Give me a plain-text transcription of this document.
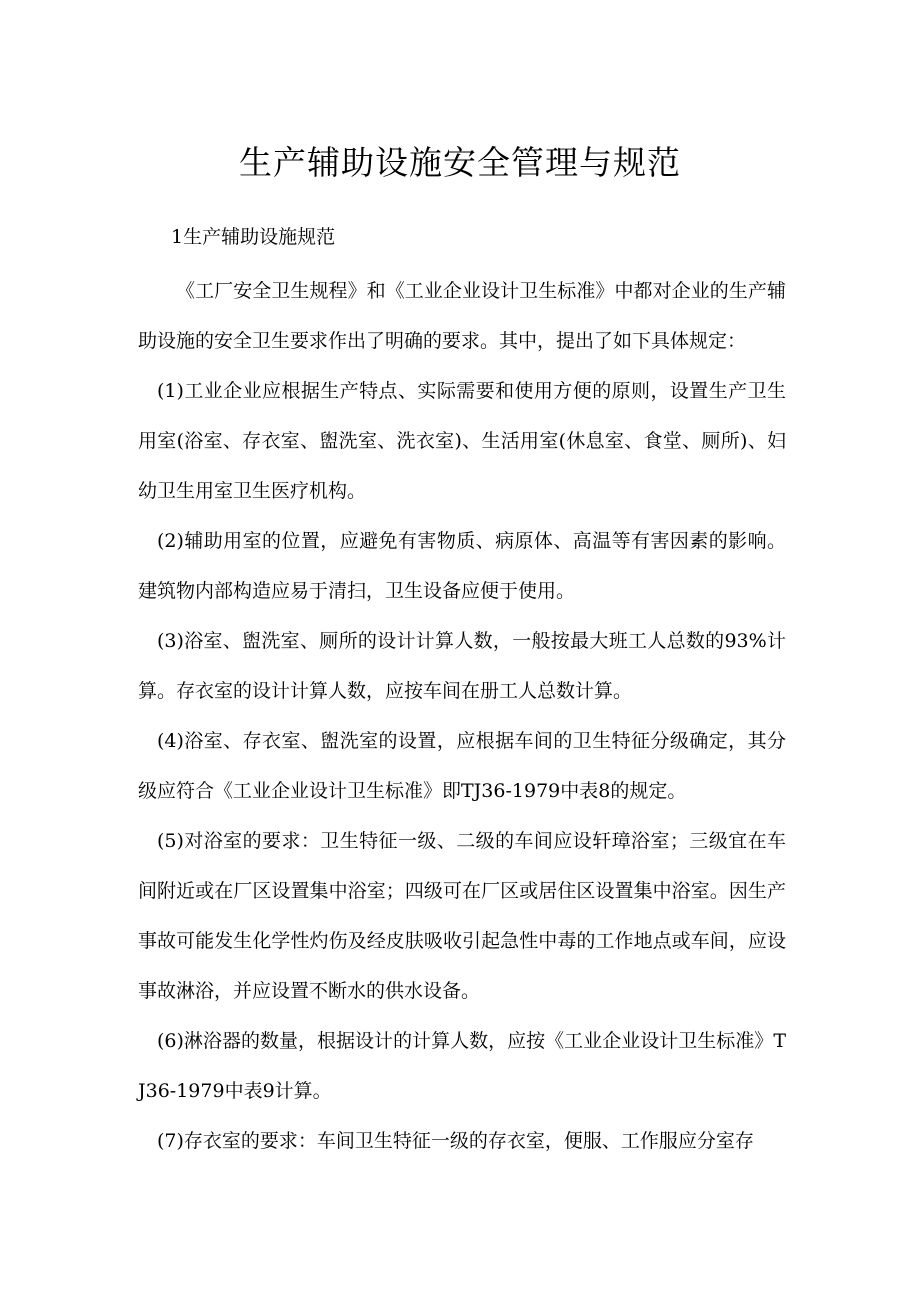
生产辅助设施安全管理与规范
1生产辅助设施规范

《工厂安全卫生规程》和《工业企业设计卫生标准》中都对企业的生产辅助设施的安全卫生要求作出了明确的要求。其中，提出了如下具体规定：

(1)工业企业应根据生产特点、实际需要和使用方便的原则，设置生产卫生用室(浴室、存衣室、盥洗室、洗衣室)、生活用室(休息室、食堂、厕所)、妇幼卫生用室卫生医疗机构。

(2)辅助用室的位置，应避免有害物质、病原体、高温等有害因素的影响。建筑物内部构造应易于清扫，卫生设备应便于使用。

(3)浴室、盥洗室、厕所的设计计算人数，一般按最大班工人总数的93%计算。存衣室的设计计算人数，应按车间在册工人总数计算。

(4)浴室、存衣室、盥洗室的设置，应根据车间的卫生特征分级确定，其分级应符合《工业企业设计卫生标准》即TJ36-1979中表8的规定。

(5)对浴室的要求：卫生特征一级、二级的车间应设轩璋浴室；三级宜在车间附近或在厂区设置集中浴室；四级可在厂区或居住区设置集中浴室。因生产事故可能发生化学性灼伤及经皮肤吸收引起急性中毒的工作地点或车间，应设事故淋浴，并应设置不断水的供水设备。

(6)淋浴器的数量，根据设计的计算人数，应按《工业企业设计卫生标准》TJ36-1979中表9计算。

(7)存衣室的要求：车间卫生特征一级的存衣室，便服、工作服应分室存
